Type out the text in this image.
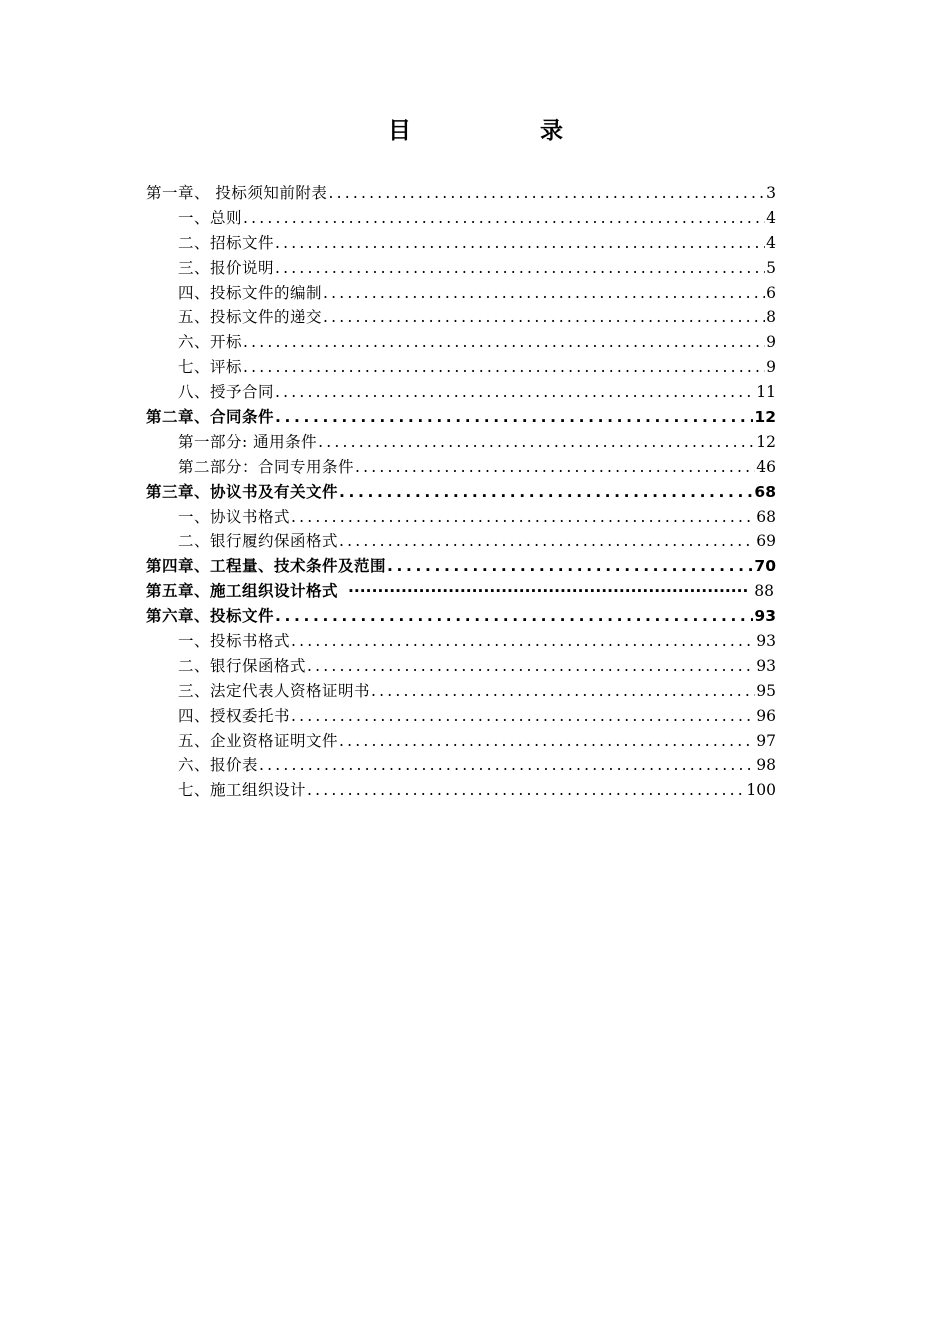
目	录
第一章、 投标须知前附表 .....	3
一、总则 .....	4
二、招标文件 .....	4
三、报价说明 .....	5
四、投标文件的编制 .....	6
五、投标文件的递交 .....	8
六、开标 .....	9
七、评标 .....	9
八、授予合同 .....	11
第二章、合同条件 .....	12
第一部分: 通用条件 .....	12
第二部分：合同专用条件 .....	46
第三章、协议书及有关文件 .....	68
一、协议书格式 .....	68
二、银行履约保函格式 .....	69
第四章、工程量、技术条件及范围 .....	70
第五章、施工组织设计格式 ·····	88
第六章、投标文件 .....	93
一、投标书格式 .....	93
二、银行保函格式 .....	93
三、法定代表人资格证明书 .....	95
四、授权委托书 .....	96
五、企业资格证明文件 .....	97
六、报价表 .....	98
七、施工组织设计 .....	100
